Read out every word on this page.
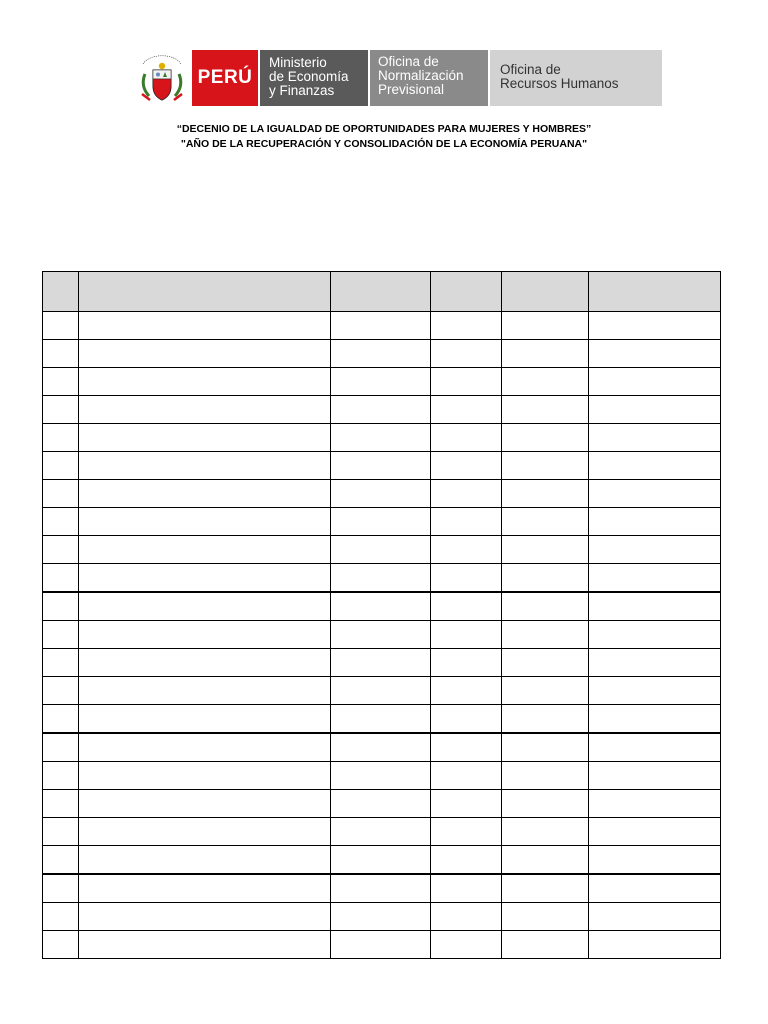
PERÚ
Ministerio
de Economía
y Finanzas
Oficina de
Normalización
Previsional
Oficina de
Recursos Humanos
“DECENIO DE LA IGUALDAD DE OPORTUNIDADES PARA MUJERES Y HOMBRES”
"AÑO DE LA RECUPERACIÓN Y CONSOLIDACIÓN DE LA ECONOMÍA PERUANA"
